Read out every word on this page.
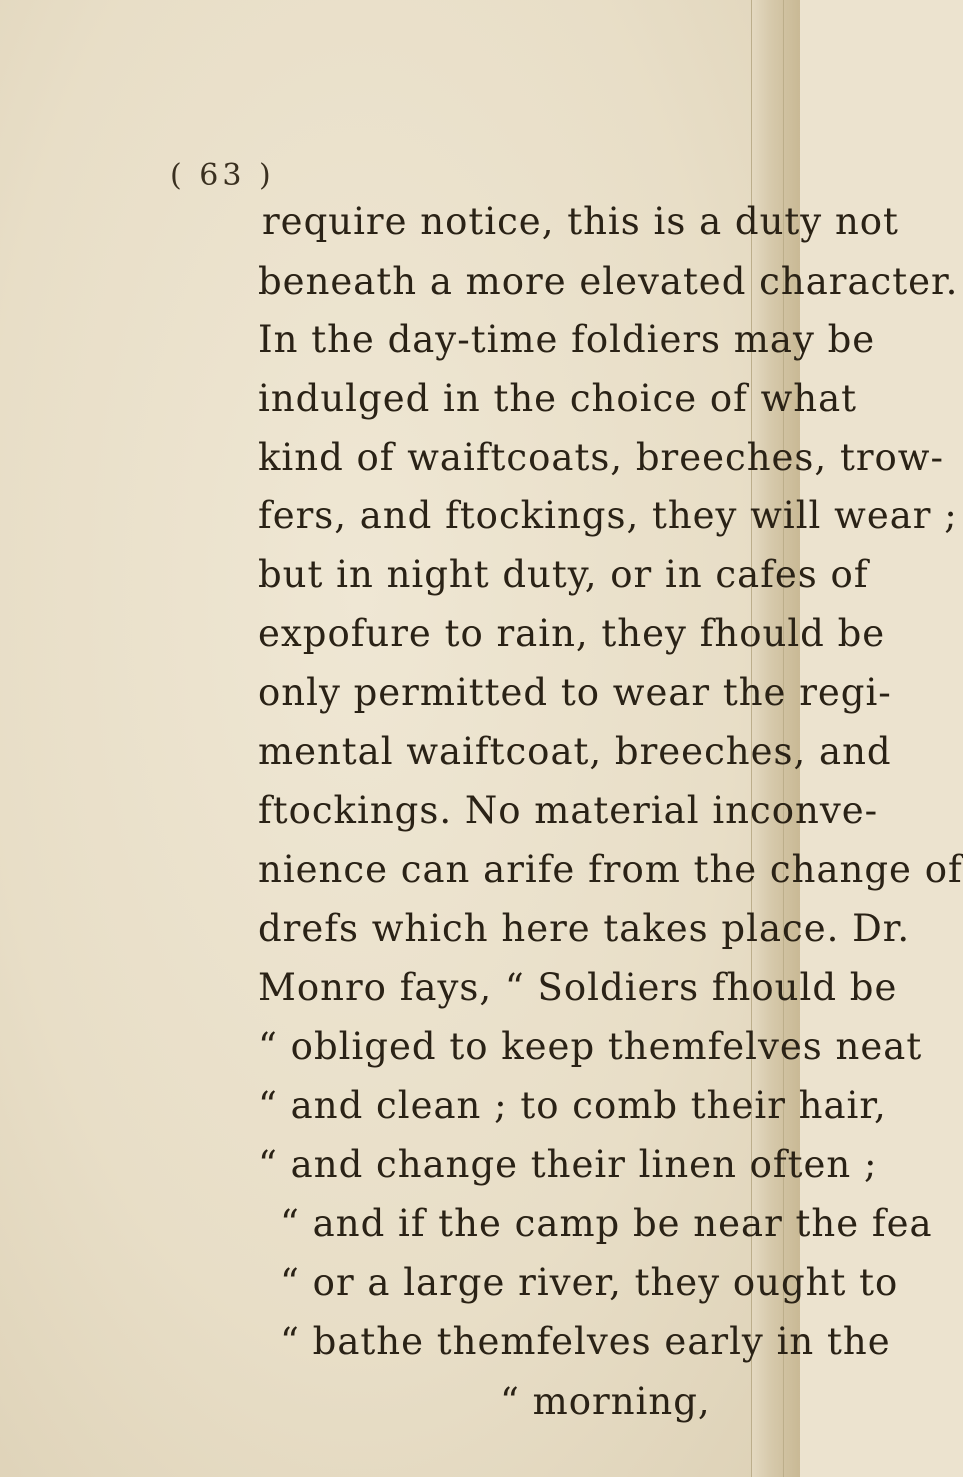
( 63 )
require notice, this is a duty not
beneath a more elevated character.
In the day-time foldiers may be
indulged in the choice of what
kind of waiftcoats, breeches, trow-
fers, and ftockings, they will wear ;
but in night duty, or in cafes of
expofure to rain, they fhould be
only permitted to wear the regi-
mental waiftcoat, breeches, and
ftockings. No material inconve-
nience can arife from the change of
drefs which here takes place. Dr.
Monro fays, “ Soldiers fhould be
“ obliged to keep themfelves neat
“ and clean ; to comb their hair,
“ and change their linen often ;
“ and if the camp be near the fea
“ or a large river, they ought to
“ bathe themfelves early in the
“ morning,
